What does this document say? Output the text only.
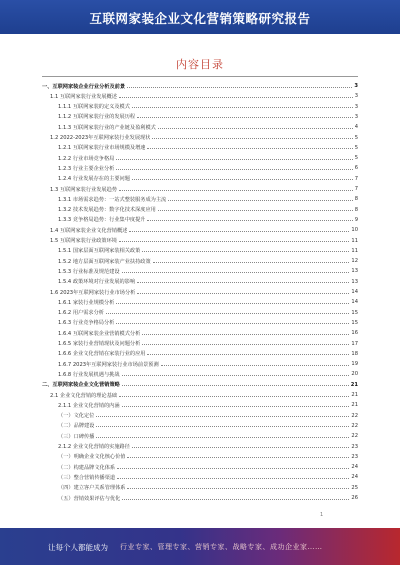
互联网家装企业文化营销策略研究报告
内容目录
一、互联网家装企业行业分析及前景	3
1.1 互联网家装行业发展概述	3
1.1.1 互联网家装的定义及模式	3
1.1.2 互联网家装行业的发展历程	3
1.1.3 互联网家装行业的产业链及盈利模式	4
1.2 2022-2023年互联网家装行业发展现状	5
1.2.1 互联网家装行业市场规模及增速	5
1.2.2 行业市场竞争格局	5
1.2.3 行业主要企业分析	6
1.2.4 行业发展存在的主要问题	7
1.3 互联网家装行业发展趋势	7
1.3.1 市场需求趋势：一站式整装服务成为主流	8
1.3.2 技术发展趋势：数字化技术深度应用	8
1.3.3 竞争格局趋势：行业集中度提升	9
1.4 互联网家装企业文化营销概述	10
1.5 互联网家装行业政策环境	11
1.5.1 国家层面互联网家装相关政策	11
1.5.2 地方层面互联网家装产业扶持政策	12
1.5.3 行业标准及规范建设	13
1.5.4 政策环境对行业发展的影响	13
1.6 2023年互联网家装行业市场分析	14
1.6.1 家装行业规模分析	14
1.6.2 用户需求分析	15
1.6.3 行业竞争格局分析	15
1.6.4 互联网家装企业营销模式分析	16
1.6.5 家装行业营销现状及问题分析	17
1.6.6 企业文化营销在家装行业的应用	18
1.6.7 2023年互联网家装行业市场前景预测	19
1.6.8 行业发展机遇与挑战	20
二、互联网家装企业文化营销策略	21
2.1 企业文化营销的理论基础	21
2.1.1 企业文化营销的内涵	21
（一）文化定位	22
（二）品牌建设	22
（三）口碑传播	22
2.1.2 企业文化营销的实施路径	23
（一）明确企业文化核心价值	23
（二）构建品牌文化体系	24
（三）整合营销传播渠道	24
（四）建立客户关系管理体系	25
（五）营销效果评估与优化	26
1
让每个人都能成为 行业专家、管理专家、营销专家、战略专家、成功企业家……
